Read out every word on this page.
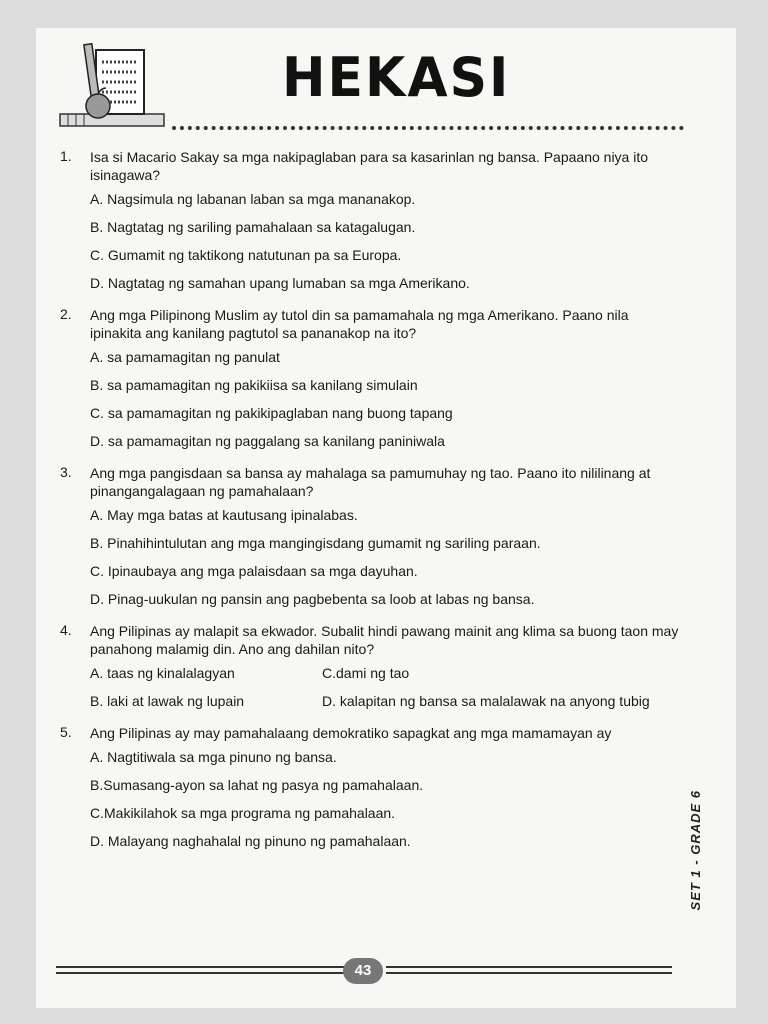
HEKASI
1. Isa si Macario Sakay sa mga nakipaglaban para sa kasarinlan ng bansa. Papaano niya ito isinagawa?
A. Nagsimula ng labanan laban sa mga mananakop.
B. Nagtatag ng sariling pamahalaan sa katagalugan.
C. Gumamit ng taktikong natutunan pa sa Europa.
D. Nagtatag ng samahan upang lumaban sa mga Amerikano.
2. Ang mga Pilipinong Muslim ay tutol din sa pamamahala ng mga Amerikano. Paano nila ipinakita ang kanilang pagtutol sa pananakop na ito?
A. sa pamamagitan ng panulat
B. sa pamamagitan ng pakikiisa sa kanilang simulain
C. sa pamamagitan ng pakikipaglaban nang buong tapang
D. sa pamamagitan ng paggalang sa kanilang paniniwala
3. Ang mga pangisdaan sa bansa ay mahalaga sa pamumuhay ng tao. Paano ito nililinang at pinangangalagaan ng pamahalaan?
A. May mga batas at kautusang ipinalabas.
B. Pinahihintulutan ang mga mangingisdang gumamit ng sariling paraan.
C. Ipinaubaya ang mga palaisdaan sa mga dayuhan.
D. Pinag-uukulan ng pansin ang pagbebenta sa loob at labas ng bansa.
4. Ang Pilipinas ay malapit sa ekwador. Subalit hindi pawang mainit ang klima sa buong taon may panahong malamig din. Ano ang dahilan nito?
A. taas ng kinalalagyan	C.dami ng tao
B. laki at lawak ng lupain	D. kalapitan ng bansa sa malalawak na anyong tubig
5. Ang Pilipinas ay may pamahalaang demokratiko sapagkat ang mga mamamayan ay
A. Nagtitiwala sa mga pinuno ng bansa.
B.Sumasang-ayon sa lahat ng pasya ng pamahalaan.
C.Makikilahok sa mga programa ng pamahalaan.
D. Malayang naghahalal ng pinuno ng pamahalaan.	SET 1 - GRADE 6
43
